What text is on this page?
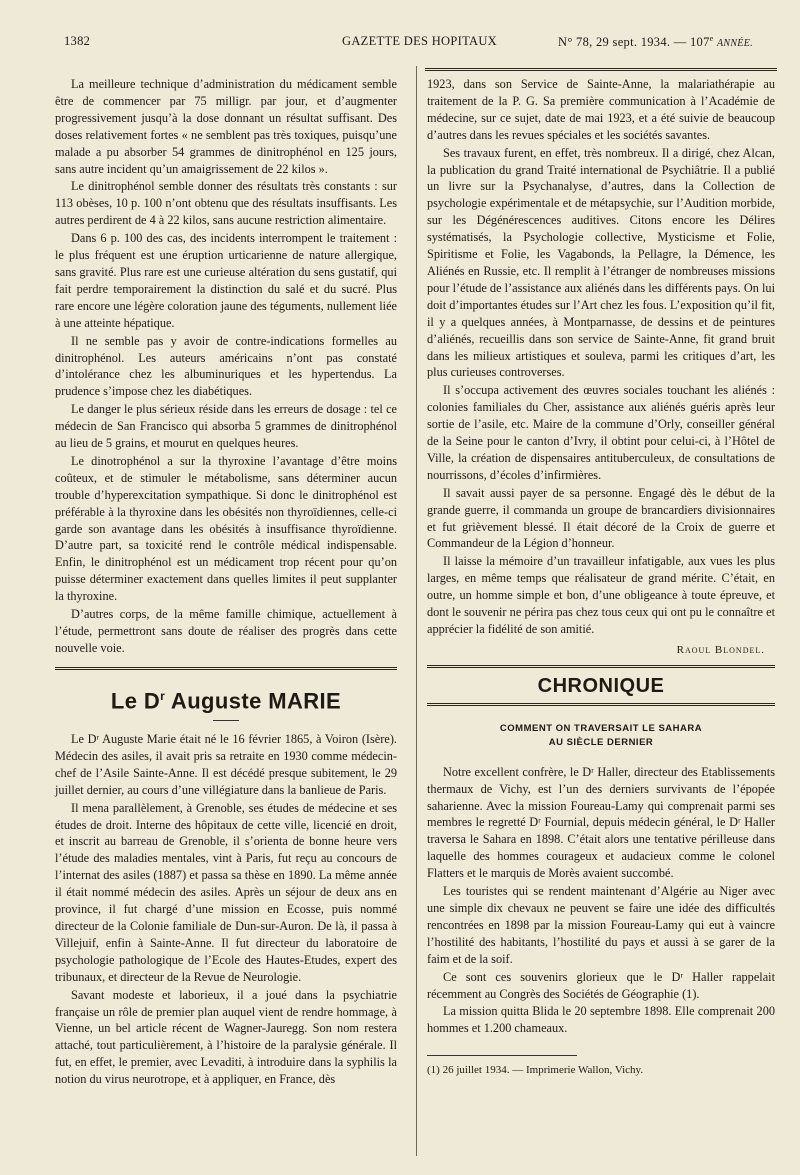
1382	GAZETTE DES HOPITAUX	N° 78, 29 sept. 1934. — 107e ANNÉE.

La meilleure technique d’administration du médicament semble être de commencer par 75 milligr. par jour, et d’augmenter progressivement jusqu’à la dose donnant un résultat suffisant. Des doses relativement fortes « ne semblent pas très toxiques, puisqu’une malade a pu absorber 54 grammes de dinitrophénol en 125 jours, sans autre incident qu’un amaigrissement de 22 kilos ».

Le dinitrophénol semble donner des résultats très constants : sur 113 obèses, 10 p. 100 n’ont obtenu que des résultats insuffisants. Les autres perdirent de 4 à 22 kilos, sans aucune restriction alimentaire.

Dans 6 p. 100 des cas, des incidents interrompent le traitement : le plus fréquent est une éruption urticarienne de nature allergique, sans gravité. Plus rare est une curieuse altération du sens gustatif, qui fait perdre temporairement la distinction du salé et du sucré. Plus rare encore une légère coloration jaune des téguments, nullement liée à une atteinte hépatique.

Il ne semble pas y avoir de contre-indications formelles au dinitrophénol. Les auteurs américains n’ont pas constaté d’intolérance chez les albuminuriques et les hypertendus. La prudence s’impose chez les diabétiques.

Le danger le plus sérieux réside dans les erreurs de dosage : tel ce médecin de San Francisco qui absorba 5 grammes de dinitrophénol au lieu de 5 grains, et mourut en quelques heures.

Le dinotrophénol a sur la thyroxine l’avantage d’être moins coûteux, et de stimuler le métabolisme, sans déterminer aucun trouble d’hyperexcitation sympathique. Si donc le dinitrophénol est préférable à la thyroxine dans les obésités non thyroïdiennes, celle-ci garde son avantage dans les obésités à insuffisance thyroïdienne. D’autre part, sa toxicité rend le contrôle médical indispensable. Enfin, le dinitrophénol est un médicament trop récent pour qu’on puisse déterminer exactement dans quelles limites il peut supplanter la thyroxine.

D’autres corps, de la même famille chimique, actuellement à l’étude, permettront sans doute de réaliser des progrès dans cette nouvelle voie.

Le $D^r$ Auguste MARIE

Le Dʳ Auguste Marie était né le 16 février 1865, à Voiron (Isère). Médecin des asiles, il avait pris sa retraite en 1930 comme médecin-chef de l’Asile Sainte-Anne. Il est décédé presque subitement, le 29 juillet dernier, au cours d’une villégiature dans la banlieue de Paris.

Il mena parallèlement, à Grenoble, ses études de médecine et ses études de droit. Interne des hôpitaux de cette ville, licencié en droit, et inscrit au barreau de Grenoble, il s’orienta de bonne heure vers l’étude des maladies mentales, vint à Paris, fut reçu au concours de l’internat des asiles (1887) et passa sa thèse en 1890. La même année il était nommé médecin des asiles. Après un séjour de deux ans en province, il fut chargé d’une mission en Ecosse, puis nommé directeur de la Colonie familiale de Dun-sur-Auron. De là, il passa à Villejuif, enfin à Sainte-Anne. Il fut directeur du laboratoire de psychologie pathologique de l’Ecole des Hautes-Etudes, expert des tribunaux, et directeur de la Revue de Neurologie.

Savant modeste et laborieux, il a joué dans la psychiatrie française un rôle de premier plan auquel vient de rendre hommage, à Vienne, un bel article récent de Wagner-Jauregg. Son nom restera attaché, tout particulièrement, à l’histoire de la paralysie générale. Il fut, en effet, le premier, avec Levaditi, à introduire dans la syphilis la notion du virus neurotrope, et à appliquer, en France, dès

1923, dans son Service de Sainte-Anne, la malariathérapie au traitement de la P. G. Sa première communication à l’Académie de médecine, sur ce sujet, date de mai 1923, et a été suivie de beaucoup d’autres dans les revues spéciales et les sociétés savantes.

Ses travaux furent, en effet, très nombreux. Il a dirigé, chez Alcan, la publication du grand Traité international de Psychiâtrie. Il a publié un livre sur la Psychanalyse, d’autres, dans la Collection de psychologie expérimentale et de métapsychie, sur l’Audition morbide, sur les Dégénérescences auditives. Citons encore les Délires systématisés, la Psychologie collective, Mysticisme et Folie, Spiritisme et Folie, les Vagabonds, la Pellagre, la Démence, les Aliénés en Russie, etc. Il remplit à l’étranger de nombreuses missions pour l’étude de l’assistance aux aliénés dans les différents pays. On lui doit d’importantes études sur l’Art chez les fous. L’exposition qu’il fit, il y a quelques années, à Montparnasse, de dessins et de peintures d’aliénés, recueillis dans son service de Sainte-Anne, fit grand bruit dans les milieux artistiques et souleva, parmi les critiques d’art, les plus curieuses controverses.

Il s’occupa activement des œuvres sociales touchant les aliénés : colonies familiales du Cher, assistance aux aliénés guéris après leur sortie de l’asile, etc. Maire de la commune d’Orly, conseiller général de la Seine pour le canton d’Ivry, il obtint pour celui-ci, à l’Hôtel de Ville, la création de dispensaires antituberculeux, de consultations de nourrissons, d’écoles d’infirmières.

Il savait aussi payer de sa personne. Engagé dès le début de la grande guerre, il commanda un groupe de brancardiers divisionnaires et fut grièvement blessé. Il était décoré de la Croix de guerre et Commandeur de la Légion d’honneur.

Il laisse la mémoire d’un travailleur infatigable, aux vues les plus larges, en même temps que réalisateur de grand mérite. C’était, en outre, un homme simple et bon, d’une obligeance à toute épreuve, et dont le souvenir ne périra pas chez tous ceux qui ont pu le connaître et apprécier la fidélité de son amitié.

Raoul Blondel.
CHRONIQUE
COMMENT ON TRAVERSAIT LE SAHARA
AU SIÈCLE DERNIER

Notre excellent confrère, le Dʳ Haller, directeur des Etablissements thermaux de Vichy, est l’un des derniers survivants de l’épopée saharienne. Avec la mission Foureau-Lamy qui comprenait parmi ses membres le regretté Dʳ Fournial, depuis médecin général, le Dʳ Haller traversa le Sahara en 1898. C’était alors une tentative périlleuse dans laquelle des hommes courageux et audacieux comme le colonel Flatters et le marquis de Morès avaient succombé.

Les touristes qui se rendent maintenant d’Algérie au Niger avec une simple dix chevaux ne peuvent se faire une idée des difficultés rencontrées en 1898 par la mission Foureau-Lamy qui eut à vaincre l’hostilité des habitants, l’hostilité du pays et aussi à se garer de la faim et de la soif.

Ce sont ces souvenirs glorieux que le Dʳ Haller rappelait récemment au Congrès des Sociétés de Géographie (1).

La mission quitta Blida le 20 septembre 1898. Elle comprenait 200 hommes et 1.200 chameaux.

(1) 26 juillet 1934. — Imprimerie Wallon, Vichy.
